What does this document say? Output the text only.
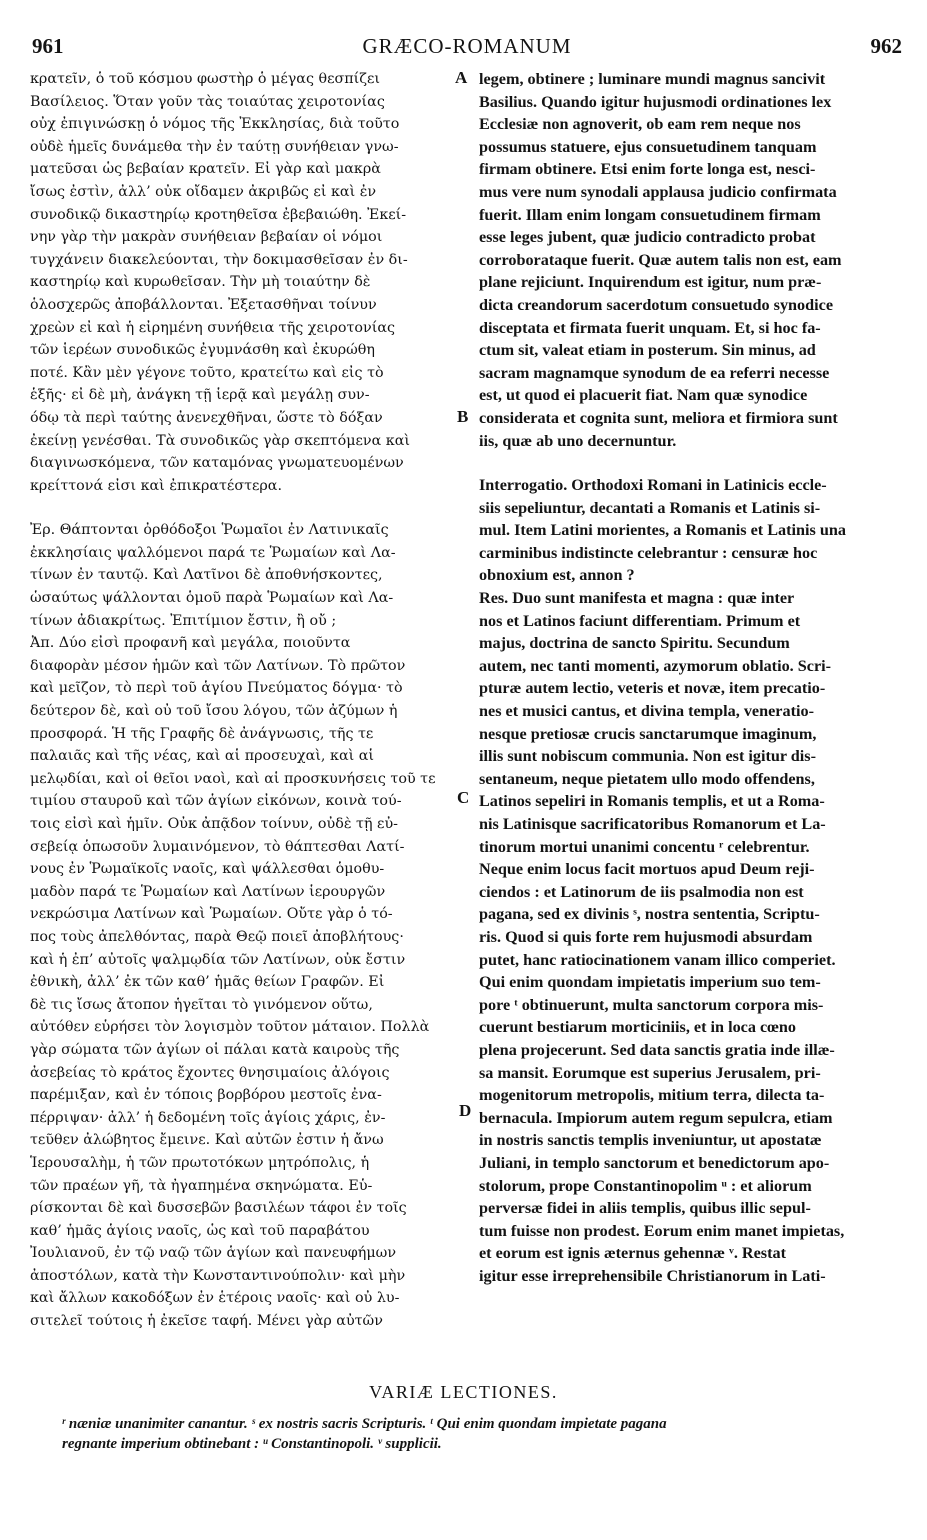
961	GRÆCO-ROMANUM	962

κρατεῖν, ὁ τοῦ κόσμου φωστὴρ ὁ μέγας θεσπίζει

Βασίλειος. Ὅταν γοῦν τὰς τοιαύτας χειροτονίας

οὐχ ἐπιγινώσκῃ ὁ νόμος τῆς Ἐκκλησίας, διὰ τοῦτο

οὐδὲ ἡμεῖς δυνάμεθα τὴν ἐν ταύτῃ συνήθειαν γνω-

ματεῦσαι ὡς βεβαίαν κρατεῖν. Εἰ γὰρ καὶ μακρὰ

ἴσως ἐστὶν, ἀλλ’ οὐκ οἴδαμεν ἀκριβῶς εἰ καὶ ἐν

συνοδικῷ δικαστηρίῳ κροτηθεῖσα ἐβεβαιώθη. Ἐκεί-

νην γὰρ τὴν μακρὰν συνήθειαν βεβαίαν οἱ νόμοι

τυγχάνειν διακελεύονται, τὴν δοκιμασθεῖσαν ἐν δι-

καστηρίῳ καὶ κυρωθεῖσαν. Τὴν μὴ τοιαύτην δὲ

ὁλοσχερῶς ἀποβάλλονται. Ἐξετασθῆναι τοίνυν

χρεὼν εἰ καὶ ἡ εἰρημένη συνήθεια τῆς χειροτονίας

τῶν ἱερέων συνοδικῶς ἐγυμνάσθη καὶ ἐκυρώθη

ποτέ. Κἂν μὲν γέγονε τοῦτο, κρατείτω καὶ εἰς τὸ

ἑξῆς· εἰ δὲ μὴ, ἀνάγκη τῇ ἱερᾷ καὶ μεγάλῃ συν-

όδῳ τὰ περὶ ταύτης ἀνενεχθῆναι, ὥστε τὸ δόξαν

ἐκείνῃ γενέσθαι. Τὰ συνοδικῶς γὰρ σκεπτόμενα καὶ

διαγινωσκόμενα, τῶν καταμόνας γνωματευομένων

κρείττονά εἰσι καὶ ἐπικρατέστερα.

Ἐρ. Θάπτονται ὀρθόδοξοι Ῥωμαῖοι ἐν Λατινικαῖς

ἐκκλησίαις ψαλλόμενοι παρά τε Ῥωμαίων καὶ Λα-

τίνων ἐν ταυτῷ. Καὶ Λατῖνοι δὲ ἀποθνήσκοντες,

ὡσαύτως ψάλλονται ὁμοῦ παρὰ Ῥωμαίων καὶ Λα-

τίνων ἀδιακρίτως. Ἐπιτίμιον ἔστιν, ἢ οὔ ;

Ἀπ. Δύο εἰσὶ προφανῆ καὶ μεγάλα, ποιοῦντα

διαφορὰν μέσον ἡμῶν καὶ τῶν Λατίνων. Τὸ πρῶτον

καὶ μεῖζον, τὸ περὶ τοῦ ἁγίου Πνεύματος δόγμα· τὸ

δεύτερον δὲ, καὶ οὐ τοῦ ἴσου λόγου, τῶν ἀζύμων ἡ

προσφορά. Ἡ τῆς Γραφῆς δὲ ἀνάγνωσις, τῆς τε

παλαιᾶς καὶ τῆς νέας, καὶ αἱ προσευχαὶ, καὶ αἱ

μελῳδίαι, καὶ οἱ θεῖοι ναοὶ, καὶ αἱ προσκυνήσεις τοῦ τε

τιμίου σταυροῦ καὶ τῶν ἁγίων εἰκόνων, κοινὰ τού-

τοις εἰσὶ καὶ ἡμῖν. Οὐκ ἀπᾷδον τοίνυν, οὐδὲ τῇ εὐ-

σεβείᾳ ὁπωσοῦν λυμαινόμενον, τὸ θάπτεσθαι Λατί-

νους ἐν Ῥωμαϊκοῖς ναοῖς, καὶ ψάλλεσθαι ὁμοθυ-

μαδὸν παρά τε Ῥωμαίων καὶ Λατίνων ἱερουργῶν

νεκρώσιμα Λατίνων καὶ Ῥωμαίων. Οὔτε γὰρ ὁ τό-

πος τοὺς ἀπελθόντας, παρὰ Θεῷ ποιεῖ ἀποβλήτους·

καὶ ἡ ἐπ’ αὐτοῖς ψαλμῳδία τῶν Λατίνων, οὐκ ἔστιν

ἐθνικὴ, ἀλλ’ ἐκ τῶν καθ’ ἡμᾶς θείων Γραφῶν. Εἰ

δὲ τις ἴσως ἄτοπον ἡγεῖται τὸ γινόμενον οὕτω,

αὐτόθεν εὑρήσει τὸν λογισμὸν τοῦτον μάταιον. Πολλὰ

γὰρ σώματα τῶν ἁγίων οἱ πάλαι κατὰ καιροὺς τῆς

ἀσεβείας τὸ κράτος ἔχοντες θνησιμαίοις ἀλόγοις

παρέμιξαν, καὶ ἐν τόποις βορβόρου μεστοῖς ἐνα-

πέρριψαν· ἀλλ’ ἡ δεδομένη τοῖς ἁγίοις χάρις, ἐν-

τεῦθεν ἀλώβητος ἔμεινε. Καὶ αὐτῶν ἐστιν ἡ ἄνω

Ἱερουσαλὴμ, ἡ τῶν πρωτοτόκων μητρόπολις, ἡ

τῶν πραέων γῆ, τὰ ἠγαπημένα σκηνώματα. Εὑ-

ρίσκονται δὲ καὶ δυσσεβῶν βασιλέων τάφοι ἐν τοῖς

καθ’ ἡμᾶς ἁγίοις ναοῖς, ὡς καὶ τοῦ παραβάτου

Ἰουλιανοῦ, ἐν τῷ ναῷ τῶν ἁγίων καὶ πανευφήμων

ἀποστόλων, κατὰ τὴν Κωνσταντινούπολιν· καὶ μὴν

καὶ ἄλλων κακοδόξων ἐν ἑτέροις ναοῖς· καὶ οὐ λυ-

σιτελεῖ τούτοις ἡ ἐκεῖσε ταφή. Μένει γὰρ αὐτῶν

legem, obtinere ; luminare mundi magnus sancivit

Basilius. Quando igitur hujusmodi ordinationes lex

Ecclesiæ non agnoverit, ob eam rem neque nos

possumus statuere, ejus consuetudinem tanquam

firmam obtinere. Etsi enim forte longa est, nesci-

mus vere num synodali applausa judicio confirmata

fuerit. Illam enim longam consuetudinem firmam

esse leges jubent, quæ judicio contradicto probat

corroborataque fuerit. Quæ autem talis non est, eam

plane rejiciunt. Inquirendum est igitur, num præ-

dicta creandorum sacerdotum consuetudo synodice

disceptata et firmata fuerit unquam. Et, si hoc fa-

ctum sit, valeat etiam in posterum. Sin minus, ad

sacram magnamque synodum de ea referri necesse

est, ut quod ei placuerit fiat. Nam quæ synodice

considerata et cognita sunt, meliora et firmiora sunt

iis, quæ ab uno decernuntur.

Interrogatio. Orthodoxi Romani in Latinicis eccle-

siis sepeliuntur, decantati a Romanis et Latinis si-

mul. Item Latini morientes, a Romanis et Latinis una

carminibus indistincte celebrantur : censuræ hoc

obnoxium est, annon ?

Res. Duo sunt manifesta et magna : quæ inter

nos et Latinos faciunt differentiam. Primum et

majus, doctrina de sancto Spiritu. Secundum

autem, nec tanti momenti, azymorum oblatio. Scri-

pturæ autem lectio, veteris et novæ, item precatio-

nes et musici cantus, et divina templa, veneratio-

nesque pretiosæ crucis sanctarumque imaginum,

illis sunt nobiscum communia. Non est igitur dis-

sentaneum, neque pietatem ullo modo offendens,

Latinos sepeliri in Romanis templis, et ut a Roma-

nis Latinisque sacrificatoribus Romanorum et La-

tinorum mortui unanimi concentu ʳ celebrentur.

Neque enim locus facit mortuos apud Deum reji-

ciendos : et Latinorum de iis psalmodia non est

pagana, sed ex divinis ˢ, nostra sententia, Scriptu-

ris. Quod si quis forte rem hujusmodi absurdam

putet, hanc ratiocinationem vanam illico comperiet.

Qui enim quondam impietatis imperium suo tem-

pore ᵗ obtinuerunt, multa sanctorum corpora mis-

cuerunt bestiarum morticiniis, et in loca cœno

plena projecerunt. Sed data sanctis gratia inde illæ-

sa mansit. Eorumque est superius Jerusalem, pri-

mogenitorum metropolis, mitium terra, dilecta ta-

bernacula. Impiorum autem regum sepulcra, etiam

in nostris sanctis templis inveniuntur, ut apostatæ

Juliani, in templo sanctorum et benedictorum apo-

stolorum, prope Constantinopolim ᵘ : et aliorum

perversæ fidei in aliis templis, quibus illic sepul-

tum fuisse non prodest. Eorum enim manet impietas,

et eorum est ignis æternus gehennæ ᵛ. Restat

igitur esse irreprehensibile Christianorum in Lati-

A
B
C
D
VARIÆ LECTIONES.

ʳ næniæ unanimiter canantur. ˢ ex nostris sacris Scripturis. ᵗ Qui enim quondam impietate pagana

regnante imperium obtinebant : ᵘ Constantinopoli. ᵛ supplicii.
